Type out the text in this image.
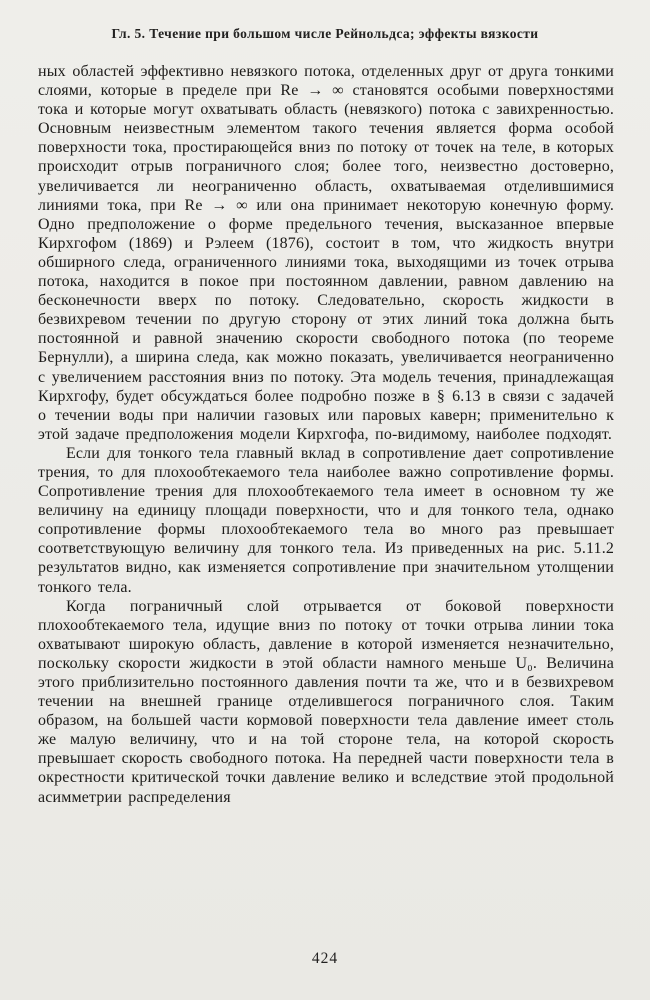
Гл. 5. Течение при большом числе Рейнольдса; эффекты вязкости

ных областей эффективно невязкого потока, отделенных друг от друга тонкими слоями, которые в пределе при Re → ∞ становятся особыми поверхностями тока и которые могут охватывать область (невязкого) потока с завихренностью. Основным неизвестным элементом такого течения является форма особой поверхности тока, простирающейся вниз по потоку от точек на теле, в которых происходит отрыв пограничного слоя; более того, неизвестно достоверно, увеличивается ли неограниченно область, охватываемая отделившимися линиями тока, при Re → ∞ или она принимает некоторую конечную форму. Одно предположение о форме предельного течения, высказанное впервые Кирхгофом (1869) и Рэлеем (1876), состоит в том, что жидкость внутри обширного следа, ограниченного линиями тока, выходящими из точек отрыва потока, находится в покое при постоянном давлении, равном давлению на бесконечности вверх по потоку. Следовательно, скорость жидкости в безвихревом течении по другую сторону от этих линий тока должна быть постоянной и равной значению скорости свободного потока (по теореме Бернулли), а ширина следа, как можно показать, увеличивается неограниченно с увеличением расстояния вниз по потоку. Эта модель течения, принадлежащая Кирхгофу, будет обсуждаться более подробно позже в § 6.13 в связи с задачей о течении воды при наличии газовых или паровых каверн; применительно к этой задаче предположения модели Кирхгофа, по-видимому, наиболее подходят.

Если для тонкого тела главный вклад в сопротивление дает сопротивление трения, то для плохообтекаемого тела наиболее важно сопротивление формы. Сопротивление трения для плохообтекаемого тела имеет в основном ту же величину на единицу площади поверхности, что и для тонкого тела, однако сопротивление формы плохообтекаемого тела во много раз превышает соответствующую величину для тонкого тела. Из приведенных на рис. 5.11.2 результатов видно, как изменяется сопротивление при значительном утолщении тонкого тела.

Когда пограничный слой отрывается от боковой поверхности плохообтекаемого тела, идущие вниз по потоку от точки отрыва линии тока охватывают широкую область, давление в которой изменяется незначительно, поскольку скорости жидкости в этой области намного меньше U₀. Величина этого приблизительно постоянного давления почти та же, что и в безвихревом течении на внешней границе отделившегося пограничного слоя. Таким образом, на большей части кормовой поверхности тела давление имеет столь же малую величину, что и на той стороне тела, на которой скорость превышает скорость свободного потока. На передней части поверхности тела в окрестности критической точки давление велико и вследствие этой продольной асимметрии распределения

424
